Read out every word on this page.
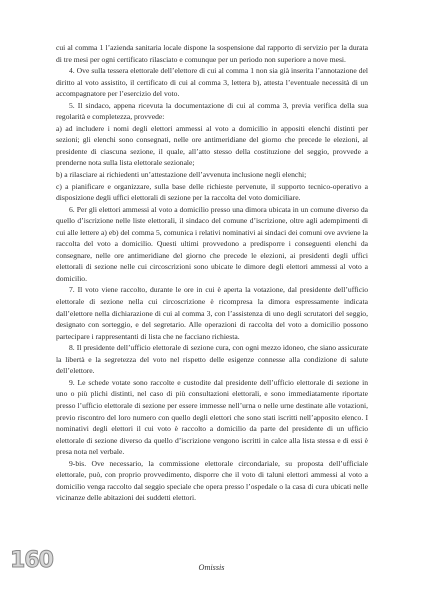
cui al comma 1 l’azienda sanitaria locale dispone la sospensione dal rapporto di servizio per la durata di tre mesi per ogni certificato rilasciato e comunque per un periodo non superiore a nove mesi.

4. Ove sulla tessera elettorale dell’elettore di cui al comma 1 non sia già inserita l’annotazione del diritto al voto assistito, il certificato di cui al comma 3, lettera b), attesta l’eventuale necessità di un accompagnatore per l’esercizio del voto.

5. Il sindaco, appena ricevuta la documentazione di cui al comma 3, previa verifica della sua regolarità e completezza, provvede:

a) ad includere i nomi degli elettori ammessi al voto a domicilio in appositi elenchi distinti per sezioni; gli elenchi sono consegnati, nelle ore antimeridiane del giorno che precede le elezioni, al presidente di ciascuna sezione, il quale, all’atto stesso della costituzione del seggio, provvede a prenderne nota sulla lista elettorale sezionale;

b) a rilasciare ai richiedenti un’attestazione dell’avvenuta inclusione negli elenchi;

c) a pianificare e organizzare, sulla base delle richieste pervenute, il supporto tecnico-operativo a disposizione degli uffici elettorali di sezione per la raccolta del voto domiciliare.

6. Per gli elettori ammessi al voto a domicilio presso una dimora ubicata in un comune diverso da quello d’iscrizione nelle liste elettorali, il sindaco del comune d’iscrizione, oltre agli adempimenti di cui alle lettere a) eb) del comma 5, comunica i relativi nominativi ai sindaci dei comuni ove avviene la raccolta del voto a domicilio. Questi ultimi provvedono a predisporre i conseguenti elenchi da consegnare, nelle ore antimeridiane del giorno che precede le elezioni, ai presidenti degli uffici elettorali di sezione nelle cui circoscrizioni sono ubicate le dimore degli elettori ammessi al voto a domicilio.

7. Il voto viene raccolto, durante le ore in cui è aperta la votazione, dal presidente dell’ufficio elettorale di sezione nella cui circoscrizione è ricompresa la dimora espressamente indicata dall’elettore nella dichiarazione di cui al comma 3, con l’assistenza di uno degli scrutatori del seggio, designato con sorteggio, e del segretario. Alle operazioni di raccolta del voto a domicilio possono partecipare i rappresentanti di lista che ne facciano richiesta.

8. Il presidente dell’ufficio elettorale di sezione cura, con ogni mezzo idoneo, che siano assicurate la libertà e la segretezza del voto nel rispetto delle esigenze connesse alla condizione di salute dell’elettore.

9. Le schede votate sono raccolte e custodite dal presidente dell’ufficio elettorale di sezione in uno o più plichi distinti, nel caso di più consultazioni elettorali, e sono immediatamente riportate presso l’ufficio elettorale di sezione per essere immesse nell’urna o nelle urne destinate alle votazioni, previo riscontro del loro numero con quello degli elettori che sono stati iscritti nell’apposito elenco. I nominativi degli elettori il cui voto è raccolto a domicilio da parte del presidente di un ufficio elettorale di sezione diverso da quello d’iscrizione vengono iscritti in calce alla lista stessa e di essi è presa nota nel verbale.

9-bis. Ove necessario, la commissione elettorale circondariale, su proposta dell’ufficiale elettorale, può, con proprio provvedimento, disporre che il voto di taluni elettori ammessi al voto a domicilio venga raccolto dal seggio speciale che opera presso l’ospedale o la casa di cura ubicati nelle vicinanze delle abitazioni dei suddetti elettori.

160	Omissis
